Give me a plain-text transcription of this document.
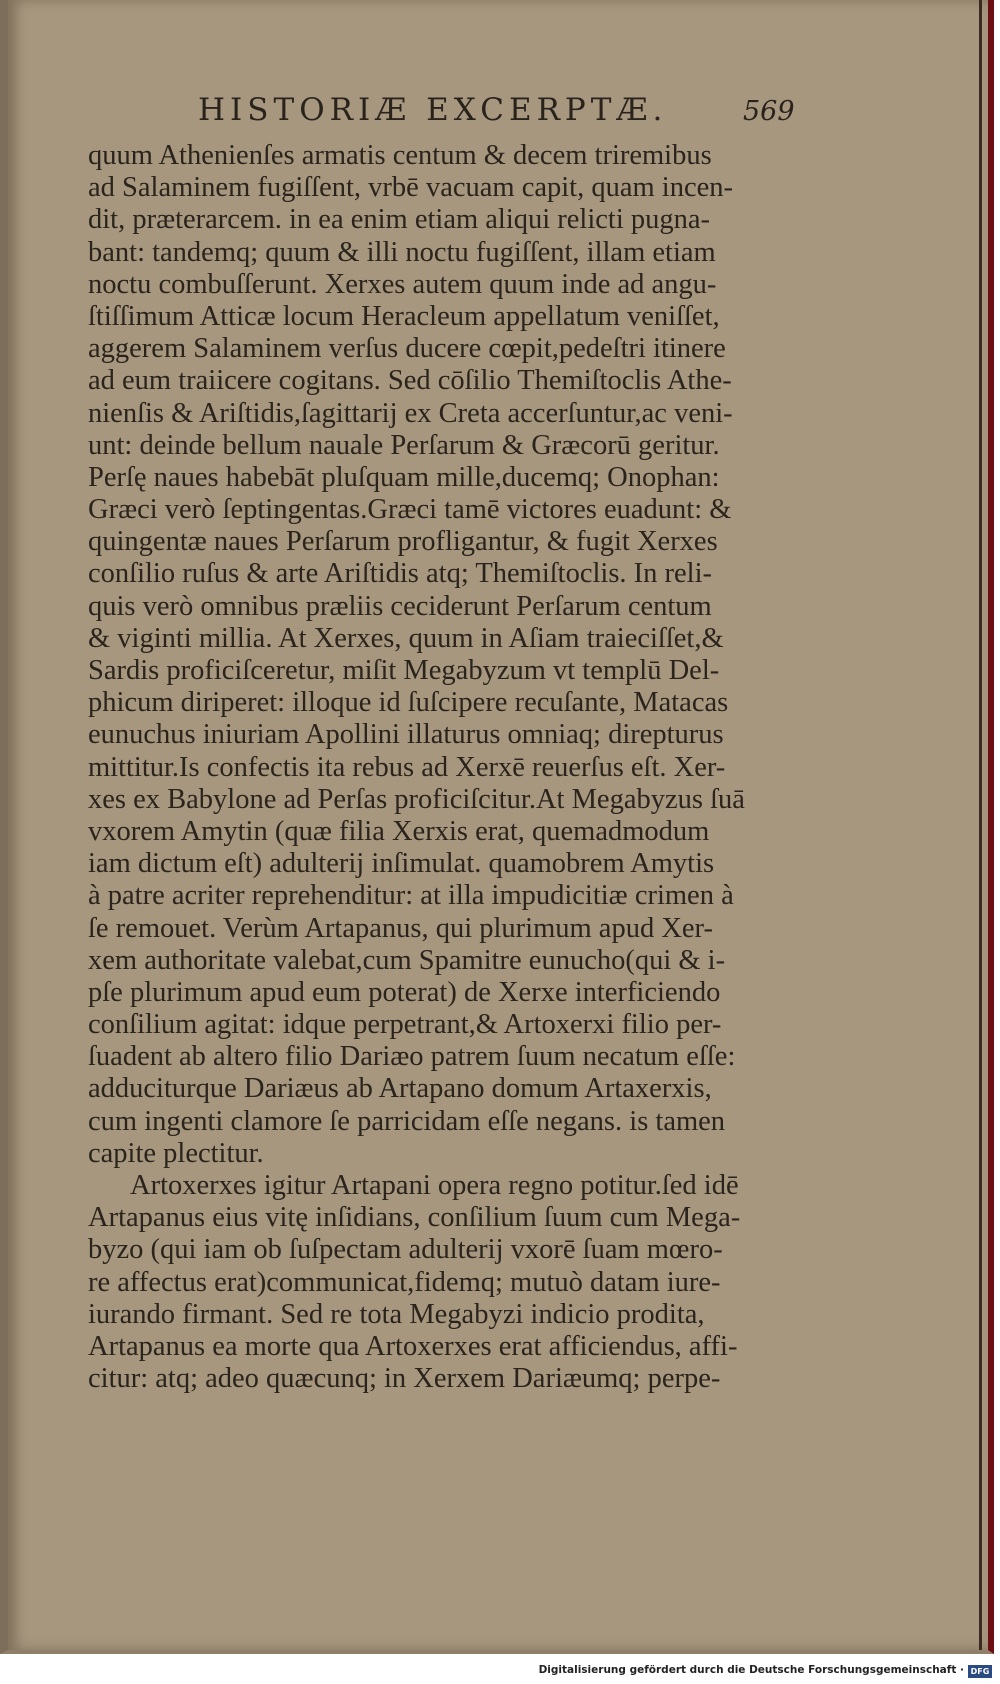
HISTORIÆ EXCERPTÆ.	569
quum Athenienſes armatis centum & decem triremibus
ad Salaminem fugiſſent, vrbē vacuam capit, quam incen-
dit, præterarcem. in ea enim etiam aliqui relicti pugna-
bant: tandemq; quum & illi noctu fugiſſent, illam etiam
noctu combuſſerunt. Xerxes autem quum inde ad angu-
ſtiſſimum Atticæ locum Heracleum appellatum veniſſet,
aggerem Salaminem verſus ducere cœpit,pedeſtri itinere
ad eum traiicere cogitans. Sed cōſilio Themiſtoclis Athe-
nienſis & Ariſtidis,ſagittarij ex Creta accerſuntur,ac veni-
unt: deinde bellum nauale Perſarum & Græcorū geritur.
Perſę naues habebāt pluſquam mille,ducemq; Onophan:
Græci verò ſeptingentas.Græci tamē victores euadunt: &
quingentæ naues Perſarum profligantur, & fugit Xerxes
conſilio ruſus & arte Ariſtidis atq; Themiſtoclis. In reli-
quis verò omnibus præliis ceciderunt Perſarum centum
& viginti millia. At Xerxes, quum in Aſiam traieciſſet,&
Sardis proficiſceretur, miſit Megabyzum vt templū Del-
phicum diriperet: illoque id ſuſcipere recuſante, Matacas
eunuchus iniuriam Apollini illaturus omniaq; direpturus
mittitur.Is confectis ita rebus ad Xerxē reuerſus eſt. Xer-
xes ex Babylone ad Perſas proficiſcitur.At Megabyzus ſuā
vxorem Amytin (quæ filia Xerxis erat, quemadmodum
iam dictum eſt) adulterij inſimulat. quamobrem Amytis
à patre acriter reprehenditur: at illa impudicitiæ crimen à
ſe remouet. Verùm Artapanus, qui plurimum apud Xer-
xem authoritate valebat,cum Spamitre eunucho(qui & i-
pſe plurimum apud eum poterat) de Xerxe interficiendo
conſilium agitat: idque perpetrant,& Artoxerxi filio per-
ſuadent ab altero filio Dariæo patrem ſuum necatum eſſe:
adduciturque Dariæus ab Artapano domum Artaxerxis,
cum ingenti clamore ſe parricidam eſſe negans. is tamen
capite plectitur.
Artoxerxes igitur Artapani opera regno potitur.ſed idē
Artapanus eius vitę inſidians, conſilium ſuum cum Mega-
byzo (qui iam ob ſuſpectam adulterij vxorē ſuam mœro-
re affectus erat)communicat,fidemq; mutuò datam iure-
iurando firmant. Sed re tota Megabyzi indicio prodita,
Artapanus ea morte qua Artoxerxes erat afficiendus, affi-
citur: atq; adeo quæcunq; in Xerxem Dariæumq; perpe-
Digitalisierung gefördert durch die Deutsche Forschungsgemeinschaft · DFG
